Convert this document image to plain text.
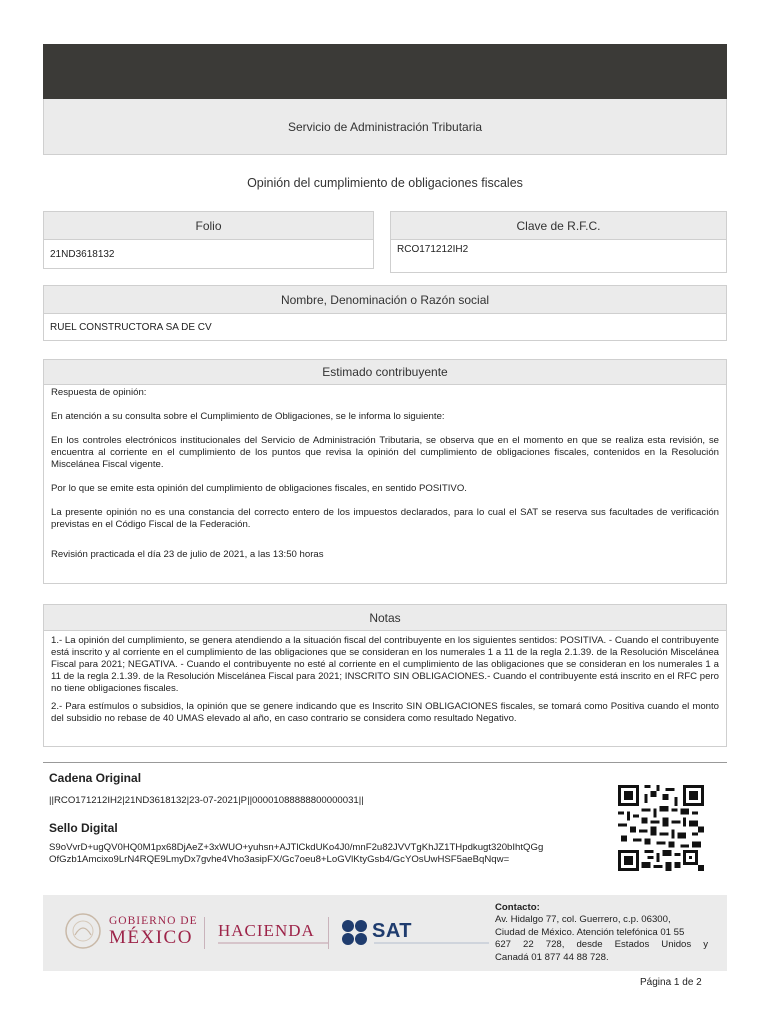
Servicio de Administración Tributaria
Opinión del cumplimiento de obligaciones fiscales
Folio
21ND3618132
Clave de R.F.C.
RCO171212IH2
Nombre, Denominación o Razón social
RUEL CONSTRUCTORA SA DE CV
Estimado contribuyente

Respuesta de opinión:

En atención a su consulta sobre el Cumplimiento de Obligaciones, se le informa lo siguiente:

En los controles electrónicos institucionales del Servicio de Administración Tributaria, se observa que en el momento en que se realiza esta revisión, se encuentra al corriente en el cumplimiento de los puntos que revisa la opinión del cumplimiento de obligaciones fiscales, contenidos en la Resolución Miscelánea Fiscal vigente.

Por lo que se emite esta opinión del cumplimiento de obligaciones fiscales, en sentido POSITIVO.

La presente opinión no es una constancia del correcto entero de los impuestos declarados, para lo cual el SAT se reserva sus facultades de verificación previstas en el Código Fiscal de la Federación.

Revisión practicada el día 23 de julio de 2021, a las 13:50 horas

Notas

1.- La opinión del cumplimiento, se genera atendiendo a la situación fiscal del contribuyente en los siguientes sentidos: POSITIVA. - Cuando el contribuyente está inscrito y al corriente en el cumplimiento de las obligaciones que se consideran en los numerales 1 a 11 de la regla 2.1.39. de la Resolución Miscelánea Fiscal para 2021; NEGATIVA. - Cuando el contribuyente no esté al corriente en el cumplimiento de las obligaciones que se consideran en los numerales 1 a 11 de la regla 2.1.39. de la Resolución Miscelánea Fiscal para 2021; INSCRITO SIN OBLIGACIONES.- Cuando el contribuyente está inscrito en el RFC pero no tiene obligaciones fiscales.

2.- Para estímulos o subsidios, la opinión que se genere indicando que es Inscrito SIN OBLIGACIONES fiscales, se tomará como Positiva cuando el monto del subsidio no rebase de 40 UMAS elevado al año, en caso contrario se considera como resultado Negativo.

Cadena Original
||RCO171212IH2|21ND3618132|23-07-2021|P||00001088888800000031||
Sello Digital
S9oVvrD+ugQV0HQ0M1px68DjAeZ+3xWUO+yuhsn+AJTlCkdUKo4J0/mnF2u82JVVTgKhJZ1THpdkugt320bIhtQGg
OfGzb1Amcixo9LrN4RQE9LmyDx7gvhe4Vho3asipFX/Gc7oeu8+LoGVlKtyGsb4/GcYOsUwHSF5aeBqNqw=
GOBIERNO DE
MÉXICO HACIENDA	SAT
Contacto:
Av. Hidalgo 77, col. Guerrero, c.p. 06300,
Ciudad de México. Atención telefónica 01 55
627 22 728, desde Estados Unidos y
Canadá 01 877 44 88 728.
Página 1 de 2
